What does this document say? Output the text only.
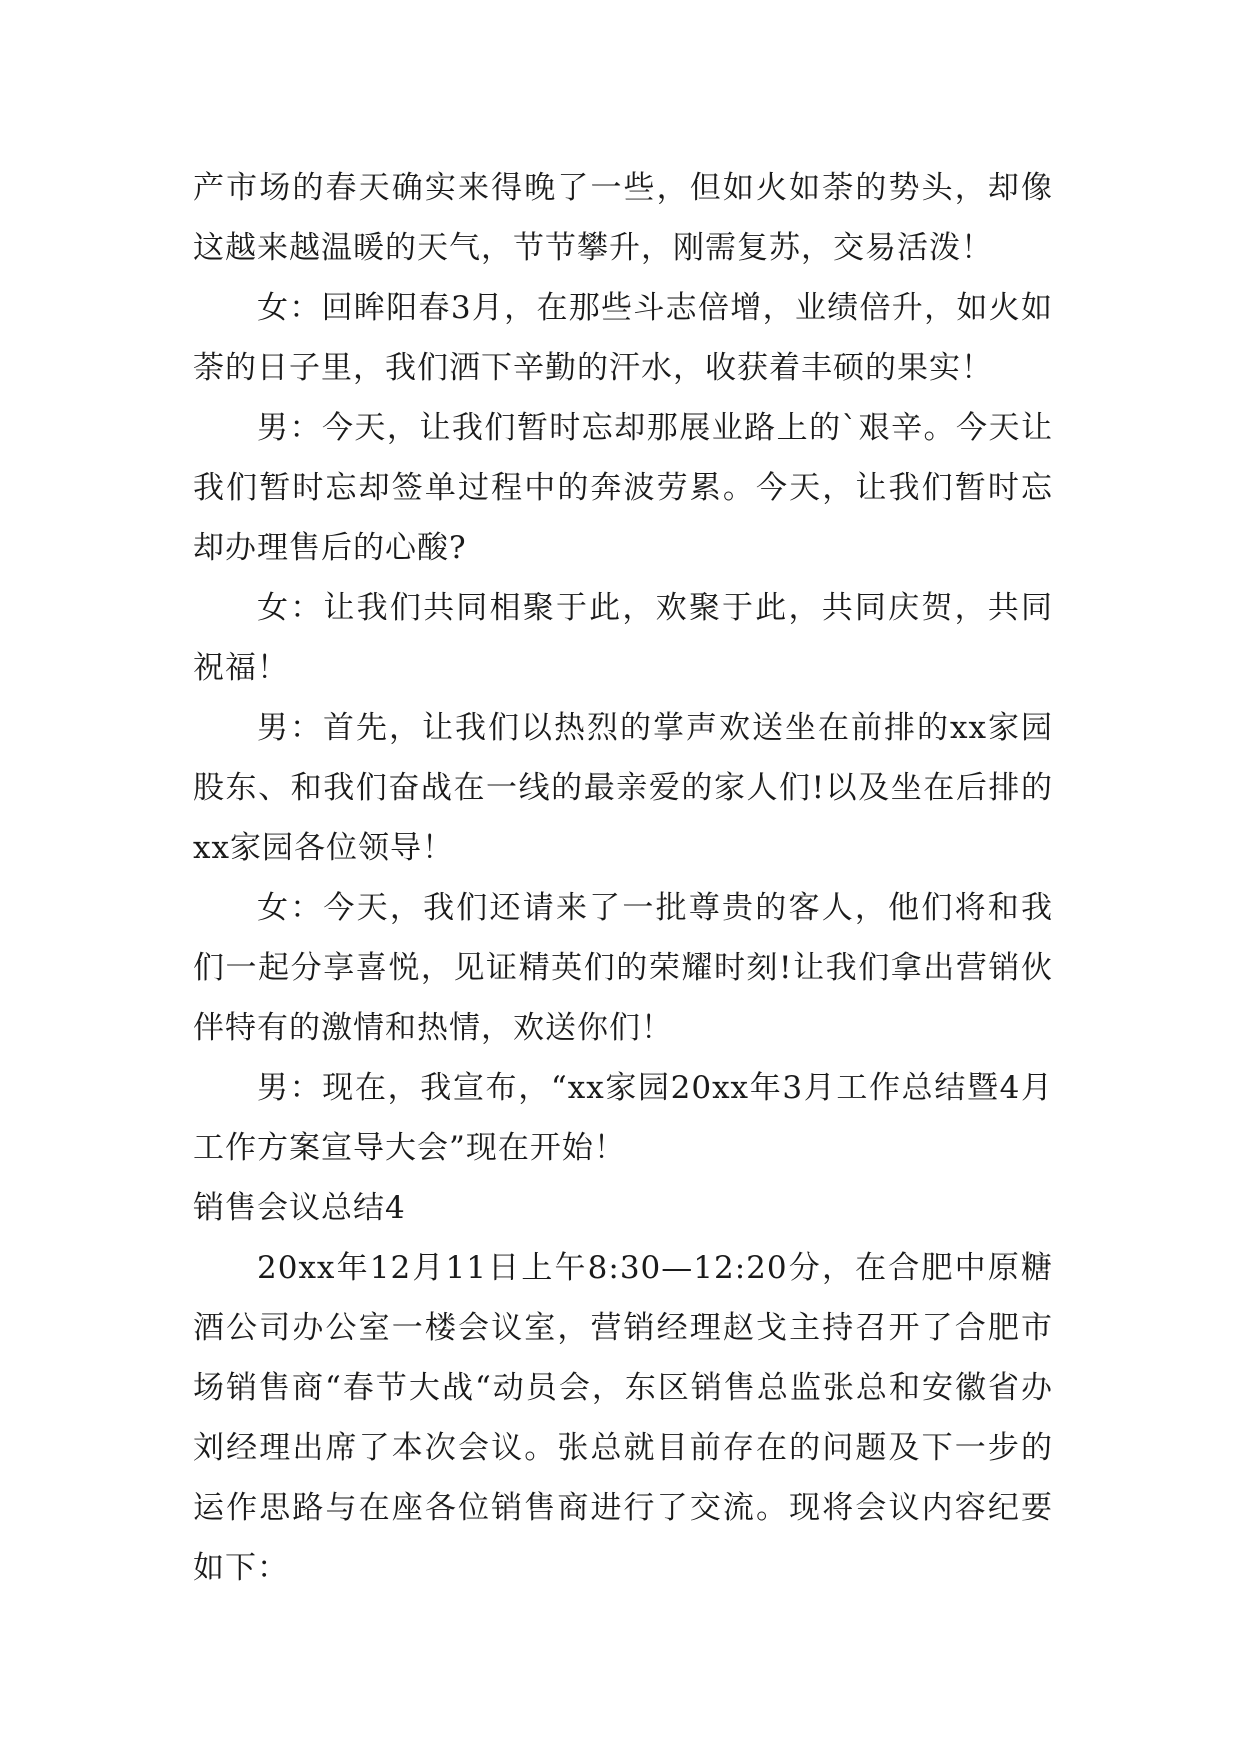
产市场的春天确实来得晚了一些，但如火如荼的势头，却像这越来越温暖的天气，节节攀升，刚需复苏，交易活泼！

女：回眸阳春3月，在那些斗志倍增，业绩倍升，如火如荼的日子里，我们洒下辛勤的汗水，收获着丰硕的果实！

男：今天，让我们暂时忘却那展业路上的`艰辛。今天让我们暂时忘却签单过程中的奔波劳累。今天，让我们暂时忘却办理售后的心酸?

女：让我们共同相聚于此，欢聚于此，共同庆贺，共同祝福！

男：首先，让我们以热烈的掌声欢送坐在前排的xx家园股东、和我们奋战在一线的最亲爱的家人们!以及坐在后排的xx家园各位领导！

女：今天，我们还请来了一批尊贵的客人，他们将和我们一起分享喜悦，见证精英们的荣耀时刻!让我们拿出营销伙伴特有的激情和热情，欢送你们！

男：现在，我宣布，“xx家园20xx年3月工作总结暨4月工作方案宣导大会”现在开始！

销售会议总结4

20xx年12月11日上午8:30—12:20分，在合肥中原糖酒公司办公室一楼会议室，营销经理赵戈主持召开了合肥市场销售商“春节大战“动员会，东区销售总监张总和安徽省办刘经理出席了本次会议。张总就目前存在的问题及下一步的运作思路与在座各位销售商进行了交流。现将会议内容纪要如下：
